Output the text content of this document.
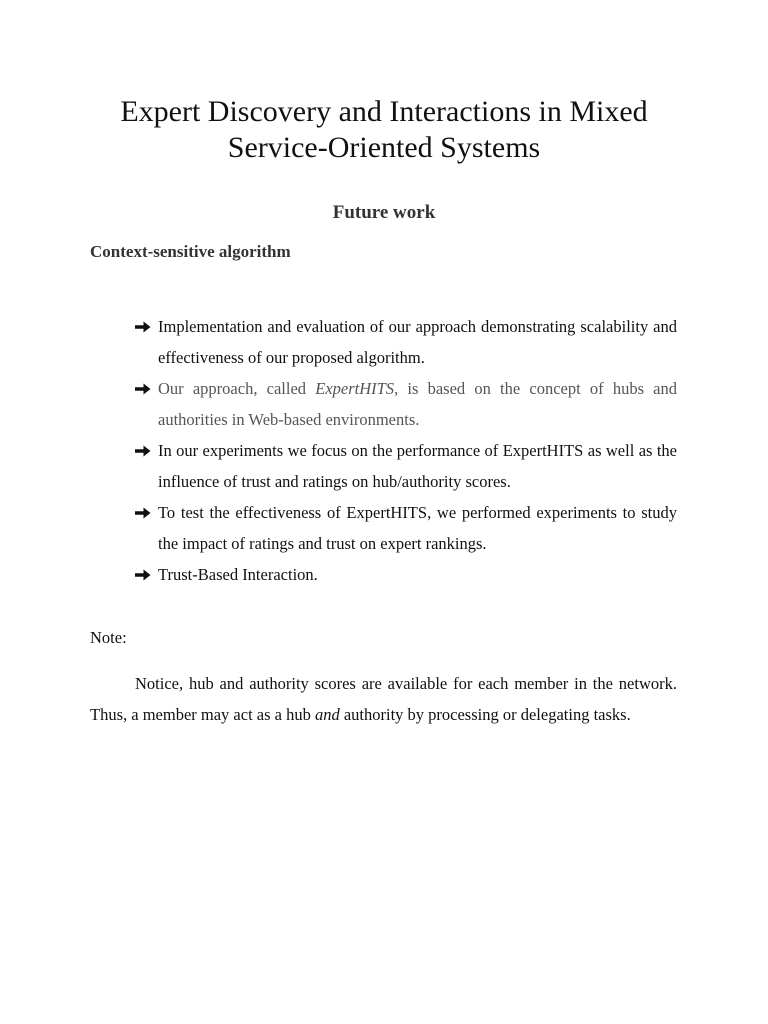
Expert Discovery and Interactions in Mixed
Service-Oriented Systems
Future work
Context-sensitive algorithm
Implementation and evaluation of our approach demonstrating scalability and effectiveness of our proposed algorithm.
Our approach, called ExpertHITS, is based on the concept of hubs and authorities in Web-based environments.
In our experiments we focus on the performance of ExpertHITS as well as the influence of trust and ratings on hub/authority scores.
To test the effectiveness of ExpertHITS, we performed experiments to study the impact of ratings and trust on expert rankings.
Trust-Based Interaction.

Note:

Notice, hub and authority scores are available for each member in the network. Thus, a member may act as a hub and authority by processing or delegating tasks.
